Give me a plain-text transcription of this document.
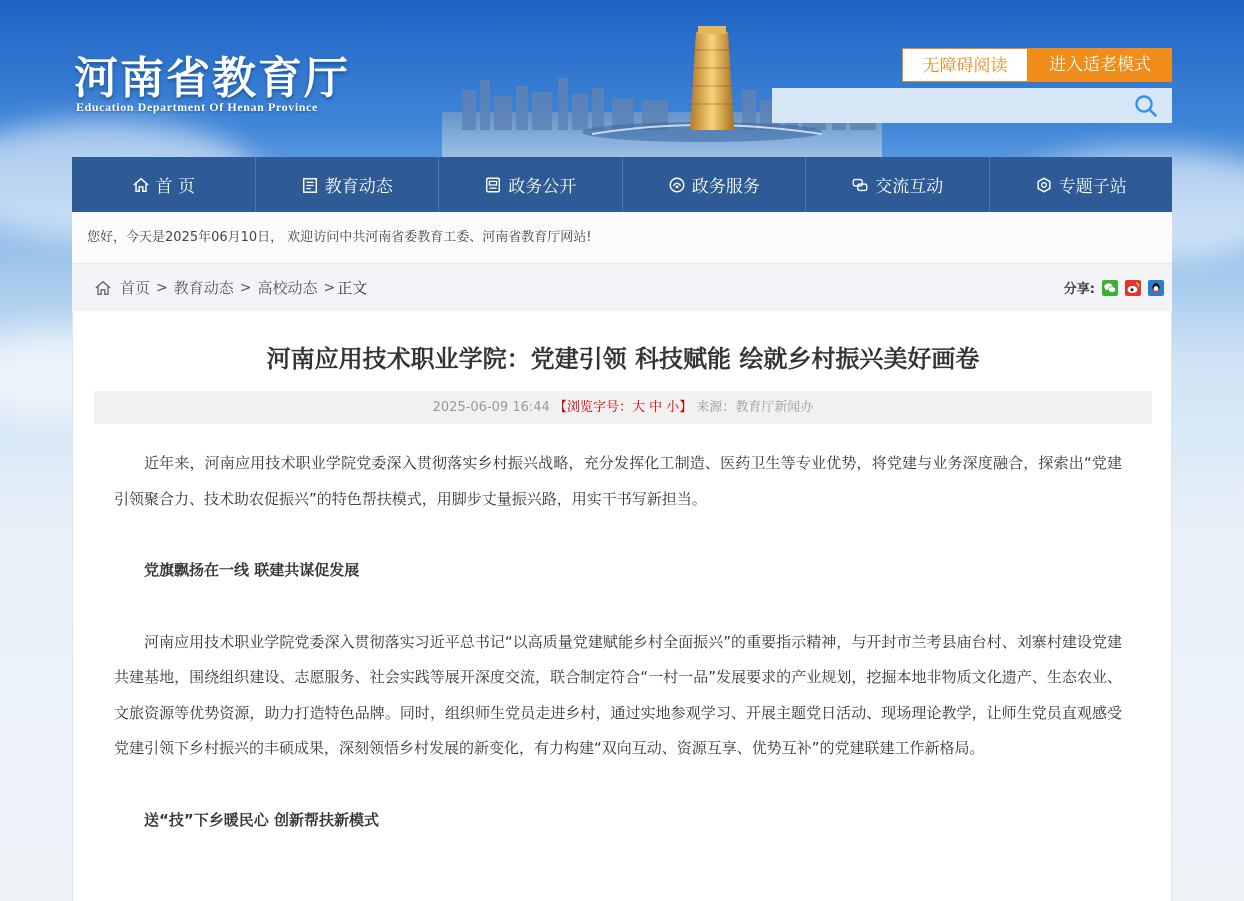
河南省教育厅
Education Department Of Henan Province
无障碍阅读	进入适老模式
首 页	教育动态	政务公开	政务服务	交流互动	专题子站
您好，今天是2025年06月10日， 欢迎访问中共河南省委教育工委、河南省教育厅网站!
首页 > 教育动态 > 高校动态 > 正文	分享:
河南应用技术职业学院：党建引领 科技赋能 绘就乡村振兴美好画卷
2025-06-09 16:44 【浏览字号：大 中 小】 来源：教育厅新闻办

近年来，河南应用技术职业学院党委深入贯彻落实乡村振兴战略，充分发挥化工制造、医药卫生等专业优势，将党建与业务深度融合，探索出“党建引领聚合力、技术助农促振兴”的特色帮扶模式，用脚步丈量振兴路，用实干书写新担当。

党旗飘扬在一线 联建共谋促发展

河南应用技术职业学院党委深入贯彻落实习近平总书记“以高质量党建赋能乡村全面振兴”的重要指示精神，与开封市兰考县庙台村、刘寨村建设党建共建基地，围绕组织建设、志愿服务、社会实践等展开深度交流，联合制定符合“一村一品”发展要求的产业规划，挖掘本地非物质文化遗产、生态农业、文旅资源等优势资源，助力打造特色品牌。同时，组织师生党员走进乡村，通过实地参观学习、开展主题党日活动、现场理论教学，让师生党员直观感受党建引领下乡村振兴的丰硕成果，深刻领悟乡村发展的新变化，有力构建“双向互动、资源互享、优势互补”的党建联建工作新格局。

送“技”下乡暖民心 创新帮扶新模式
